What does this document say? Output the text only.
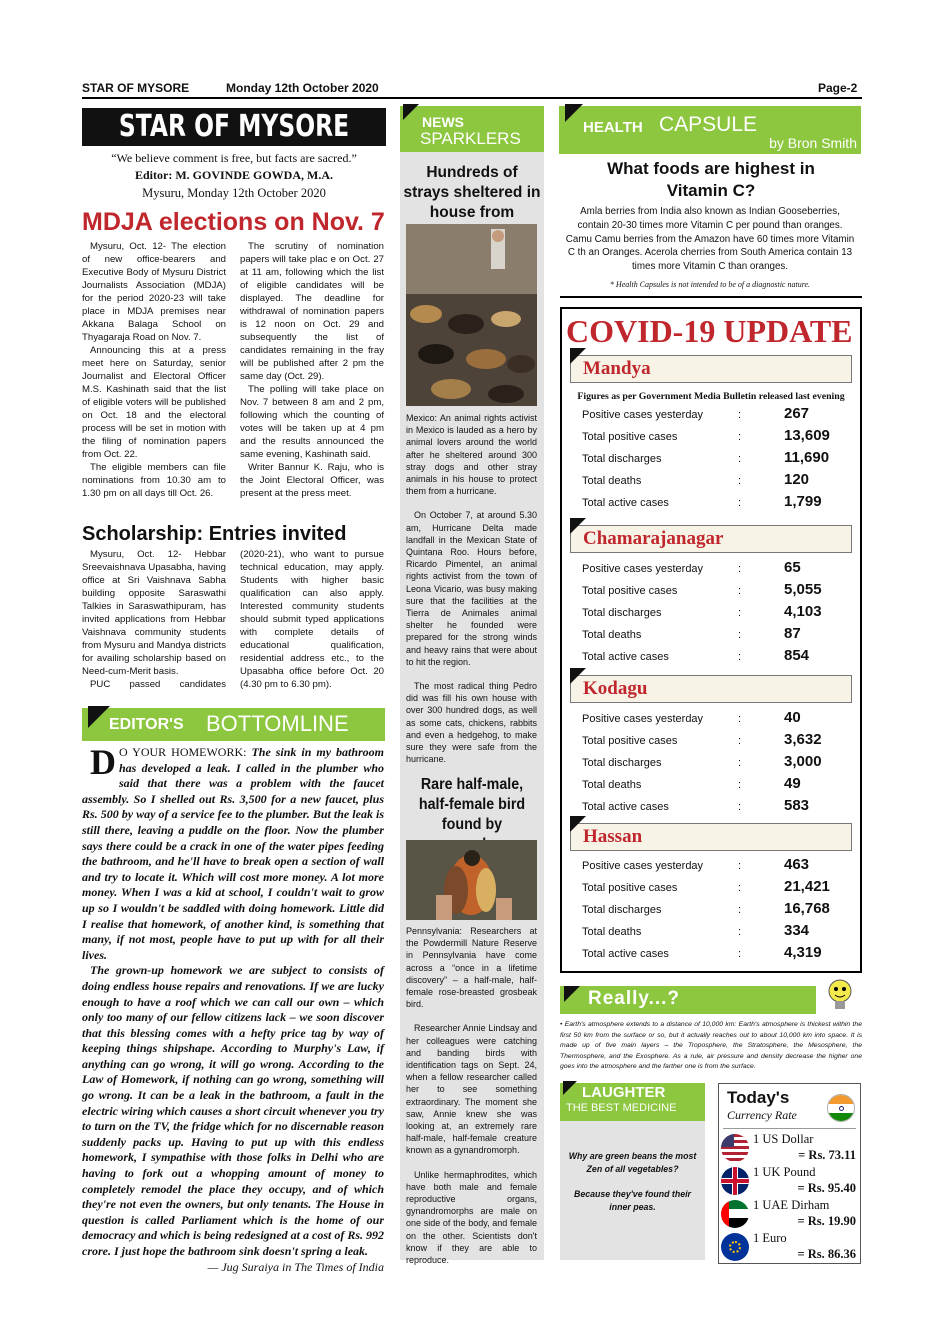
STAR OF MYSORE	Monday 12th October 2020	Page-2
STAR OF MYSORE
“We believe comment is free, but facts are sacred.”
Editor: M. GOVINDE GOWDA, M.A.
Mysuru, Monday 12th October 2020
MDJA elections on Nov. 7

Mysuru, Oct. 12- The election of new office-bearers and Executive Body of Mysuru District Journalists Association (MDJA) for the period 2020-23 will take place in MDJA premises near Akkana Balaga School on Thyagaraja Road on Nov. 7.

Announcing this at a press meet here on Saturday, senior Journalist and Electoral Officer M.S. Kashinath said that the list of eligible voters will be published on Oct. 18 and the electoral process will be set in motion with the filing of nomination papers from Oct. 22.

The eligible members can file nominations from 10.30 am to 1.30 pm on all days till Oct. 26.

The scrutiny of nomination papers will take plac e on Oct. 27 at 11 am, following which the list of eligible candidates will be displayed. The deadline for withdrawal of nomination papers is 12 noon on Oct. 29 and subsequently the list of candidates remaining in the fray will be published after 2 pm the same day (Oct. 29).

The polling will take place on Nov. 7 between 8 am and 2 pm, following which the counting of votes will be taken up at 4 pm and the results announced the same evening, Kashinath said.

Writer Bannur K. Raju, who is the Joint Electoral Officer, was present at the press meet.

Scholarship: Entries invited

Mysuru, Oct. 12- Hebbar Sreevaishnava Upasabha, having office at Sri Vaishnava Sabha building opposite Saraswathi Talkies in Saraswathipuram, has invited applications from Hebbar Vaishnava community students from Mysuru and Mandya districts for availing scholarship based on Need-cum-Merit basis.

PUC passed candidates

(2020-21), who want to pursue technical education, may apply. Students with higher basic qualification can also apply. Interested community students should submit typed applications with complete details of educational qualification, residential address etc., to the Upasabha office before Oct. 20 (4.30 pm to 6.30 pm).

EDITOR'S BOTTOMLINE
D O YOUR HOMEWORK: The sink in my bathroom has developed a leak. I called in the plumber who said that there was a problem with the faucet assembly. So I shelled out Rs. 3,500 for a new faucet, plus Rs. 500 by way of a service fee to the plumber. But the leak is still there, leaving a puddle on the floor. Now the plumber says there could be a crack in one of the water pipes feeding the bathroom, and he'll have to break open a section of wall and try to locate it. Which will cost more money. A lot more money. When I was a kid at school, I couldn't wait to grow up so I wouldn't be saddled with doing homework. Little did I realise that homework, of another kind, is something that many, if not most, people have to put up with for all their lives.
The grown-up homework we are subject to consists of doing endless house repairs and renovations. If we are lucky enough to have a roof which we can call our own – which only too many of our fellow citizens lack – we soon discover that this blessing comes with a hefty price tag by way of keeping things shipshape. According to Murphy's Law, if anything can go wrong, it will go wrong. According to the Law of Homework, if nothing can go wrong, something will go wrong. It can be a leak in the bathroom, a fault in the electric wiring which causes a short circuit whenever you try to turn on the TV, the fridge which for no discernable reason suddenly packs up. Having to put up with this endless homework, I sympathise with those folks in Delhi who are having to fork out a whopping amount of money to completely remodel the place they occupy, and of which they're not even the owners, but only tenants. The House in question is called Parliament which is the home of our democracy and which is being redesigned at a cost of Rs. 992 crore. I just hope the bathroom sink doesn't spring a leak.
— Jug Suraiya in The Times of India
NEWS
SPARKLERS
Hundreds of strays sheltered in house from

Mexico: An animal rights activist in Mexico is lauded as a hero by animal lovers around the world after he sheltered around 300 stray dogs and other stray animals in his house to protect them from a hurricane.

On October 7, at around 5.30 am, Hurricane Delta made landfall in the Mexican State of Quintana Roo. Hours before, Ricardo Pimentel, an animal rights activist from the town of Leona Vicario, was busy making sure that the facilities at the Tierra de Animales animal shelter he founded were prepared for the strong winds and heavy rains that were about to hit the region.

The most radical thing Pedro did was fill his own house with over 300 hundred dogs, as well as some cats, chickens, rabbits and even a hedgehog, to make sure they were safe from the hurricane.

Rare half-male, half-female bird found by

Pennsylvania: Researchers at the Powdermill Nature Reserve in Pennsylvania have come across a “once in a lifetime discovery” – a half-male, half-female rose-breasted grosbeak bird.

Researcher Annie Lindsay and her colleagues were catching and banding birds with identification tags on Sept. 24, when a fellow researcher called her to see something extraordinary. The moment she saw, Annie knew she was looking at, an extremely rare half-male, half-female creature known as a gynandromorph.

Unlike hermaphrodites, which have both male and female reproductive organs, gynandromorphs are male on one side of the body, and female on the other. Scientists don't know if they are able to reproduce.

HEALTH CAPSULE
by Bron Smith
What foods are highest in Vitamin C?
Amla berries from India also known as Indian Gooseberries, contain 20-30 times more Vitamin C per pound than oranges. Camu Camu berries from the Amazon have 60 times more Vitamin C th an Oranges. Acerola cherries from South America contain 13 times more Vitamin C than oranges.
* Health Capsules is not intended to be of a diagnostic nature.
COVID-19 UPDATE
Figures as per Government Media Bulletin released last evening
Mandya
Positive cases yesterday	:	267
Total positive cases	:	13,609
Total discharges	:	11,690
Total deaths	:	120
Total active cases	:	1,799
Chamarajanagar
Positive cases yesterday	:	65
Total positive cases	:	5,055
Total discharges	:	4,103
Total deaths	:	87
Total active cases	:	854
Kodagu
Positive cases yesterday	:	40
Total positive cases	:	3,632
Total discharges	:	3,000
Total deaths	:	49
Total active cases	:	583
Hassan
Positive cases yesterday	:	463
Total positive cases	:	21,421
Total discharges	:	16,768
Total deaths	:	334
Total active cases	:	4,319
Really...?
• Earth's atmosphere extends to a distance of 10,000 km: Earth's atmosphere is thickest within the first 50 km from the surface or so, but it actually reaches out to about 10,000 km into space. It is made up of five main layers – the Troposphere, the Stratosphere, the Mesosphere, the Thermosphere, and the Exosphere. As a rule, air pressure and density decrease the higher one goes into the atmosphere and the farther one is from the surface.
LAUGHTER
THE BEST MEDICINE
Why are green beans the most Zen of all vegetables?
Because they've found their inner peas.
Today's
Currency Rate
1 US Dollar
= Rs. 73.11
1 UK Pound
= Rs. 95.40
1 UAE Dirham
= Rs. 19.90
1 Euro
= Rs. 86.36
